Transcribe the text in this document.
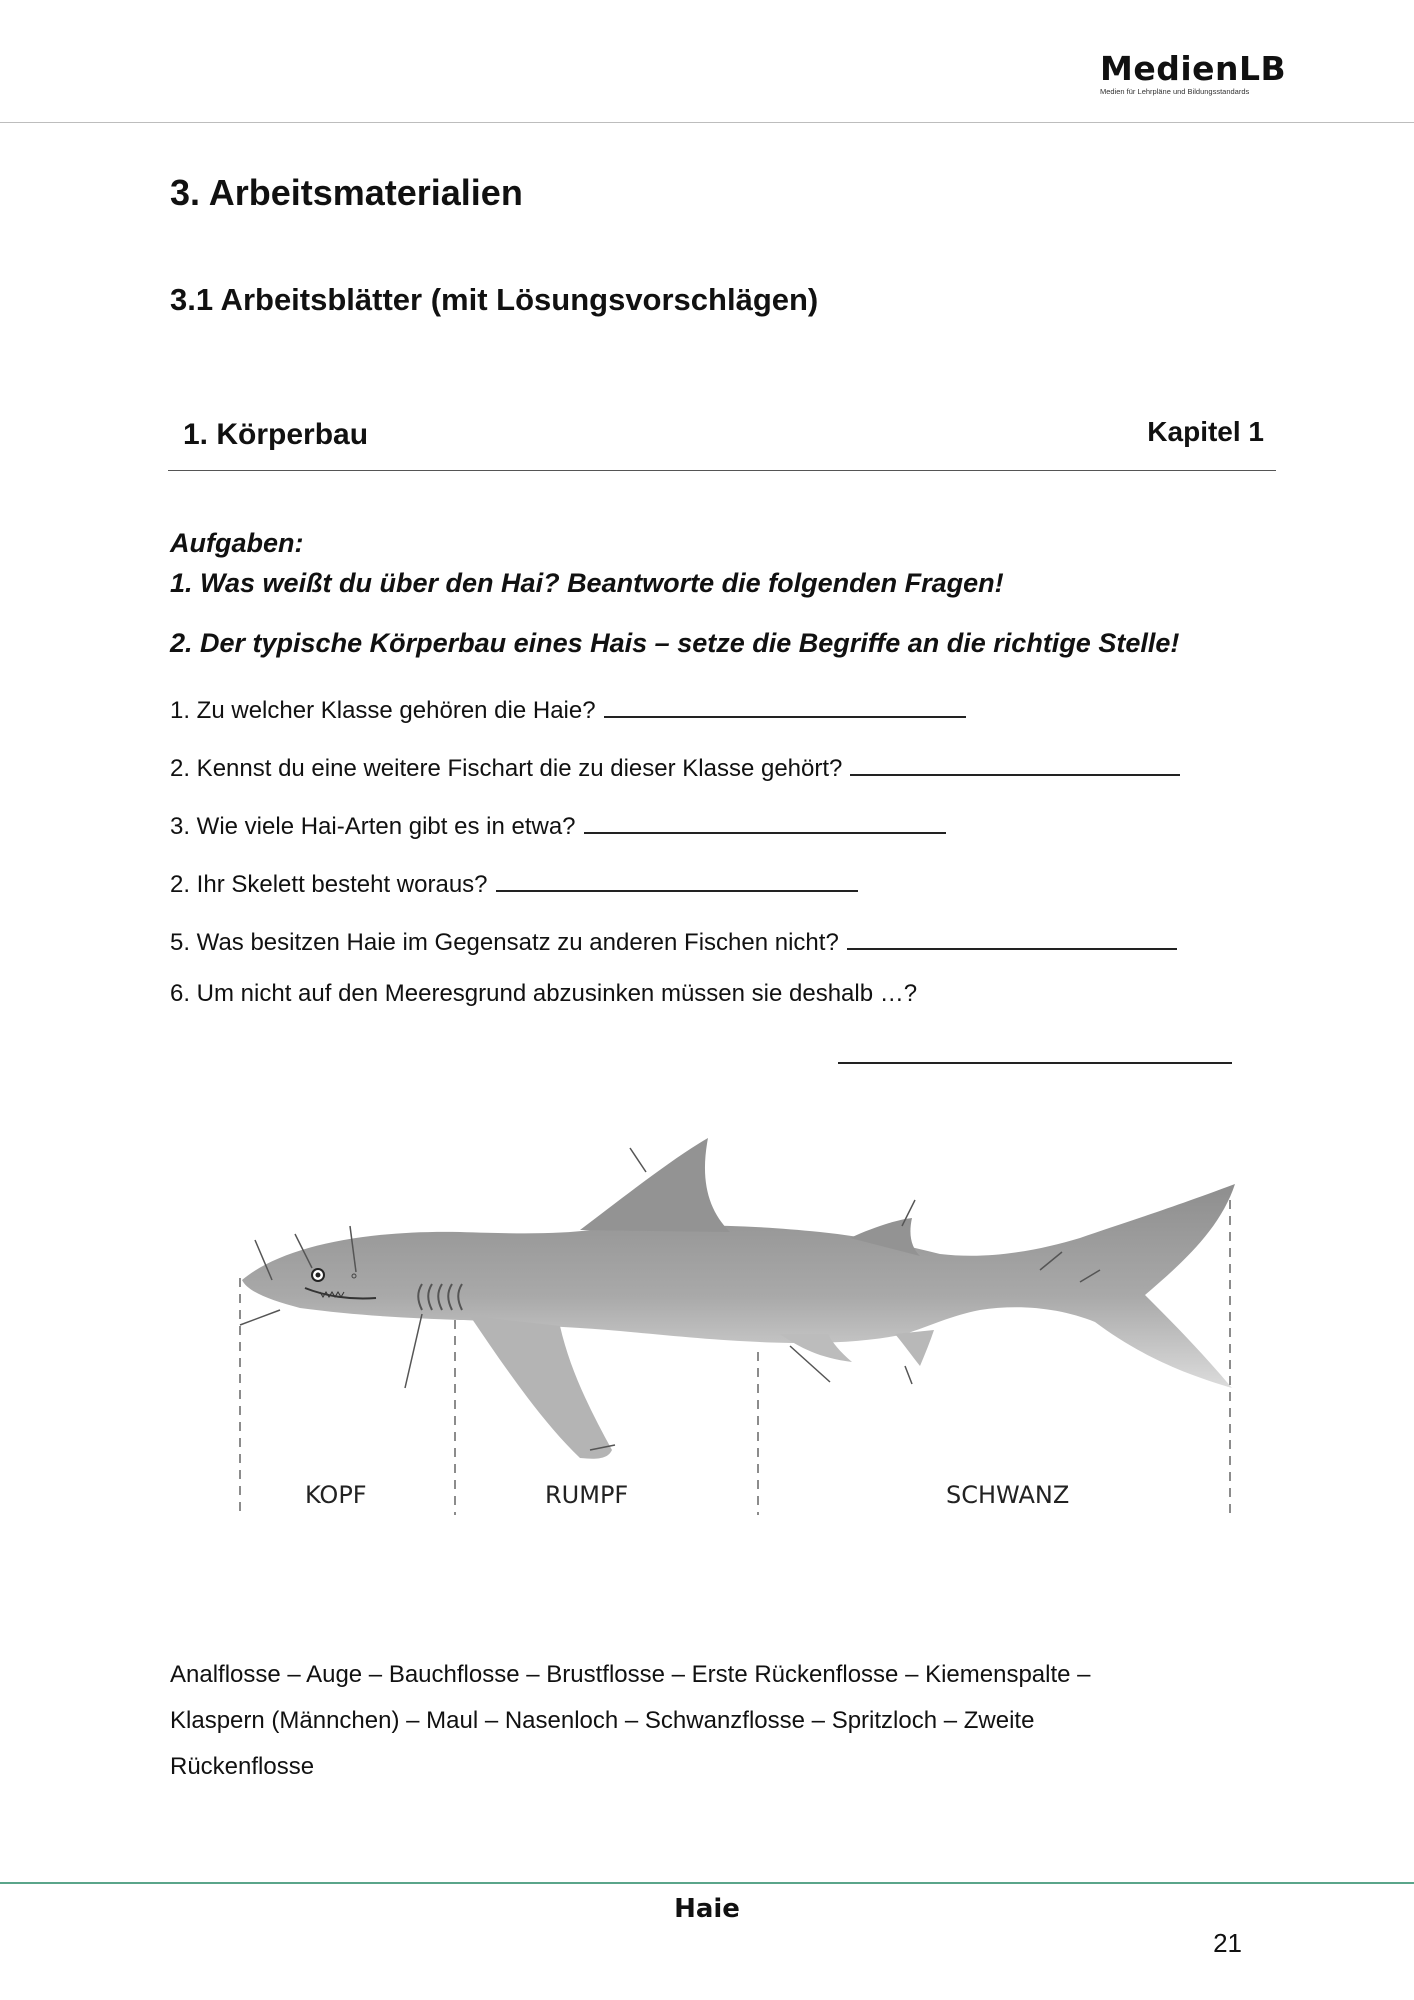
MedienLB
Medien für Lehrpläne und Bildungsstandards
3. Arbeitsmaterialien
3.1 Arbeitsblätter (mit Lösungsvorschlägen)
1. Körperbau	Kapitel 1
Aufgaben:
1. Was weißt du über den Hai? Beantworte die folgenden Fragen!
2. Der typische Körperbau eines Hais – setze die Begriffe an die richtige Stelle!
1. Zu welcher Klasse gehören die Haie?
2. Kennst du eine weitere Fischart die zu dieser Klasse gehört?
3. Wie viele Hai-Arten gibt es in etwa?
2. Ihr Skelett besteht woraus?
5. Was besitzen Haie im Gegensatz zu anderen Fischen nicht?
6. Um nicht auf den Meeresgrund abzusinken müssen sie deshalb …?
KOPF	RUMPF	SCHWANZ
Analflosse – Auge – Bauchflosse – Brustflosse – Erste Rückenflosse – Kiemenspalte –
Klaspern (Männchen) – Maul – Nasenloch – Schwanzflosse – Spritzloch – Zweite
Rückenflosse
Haie
21
